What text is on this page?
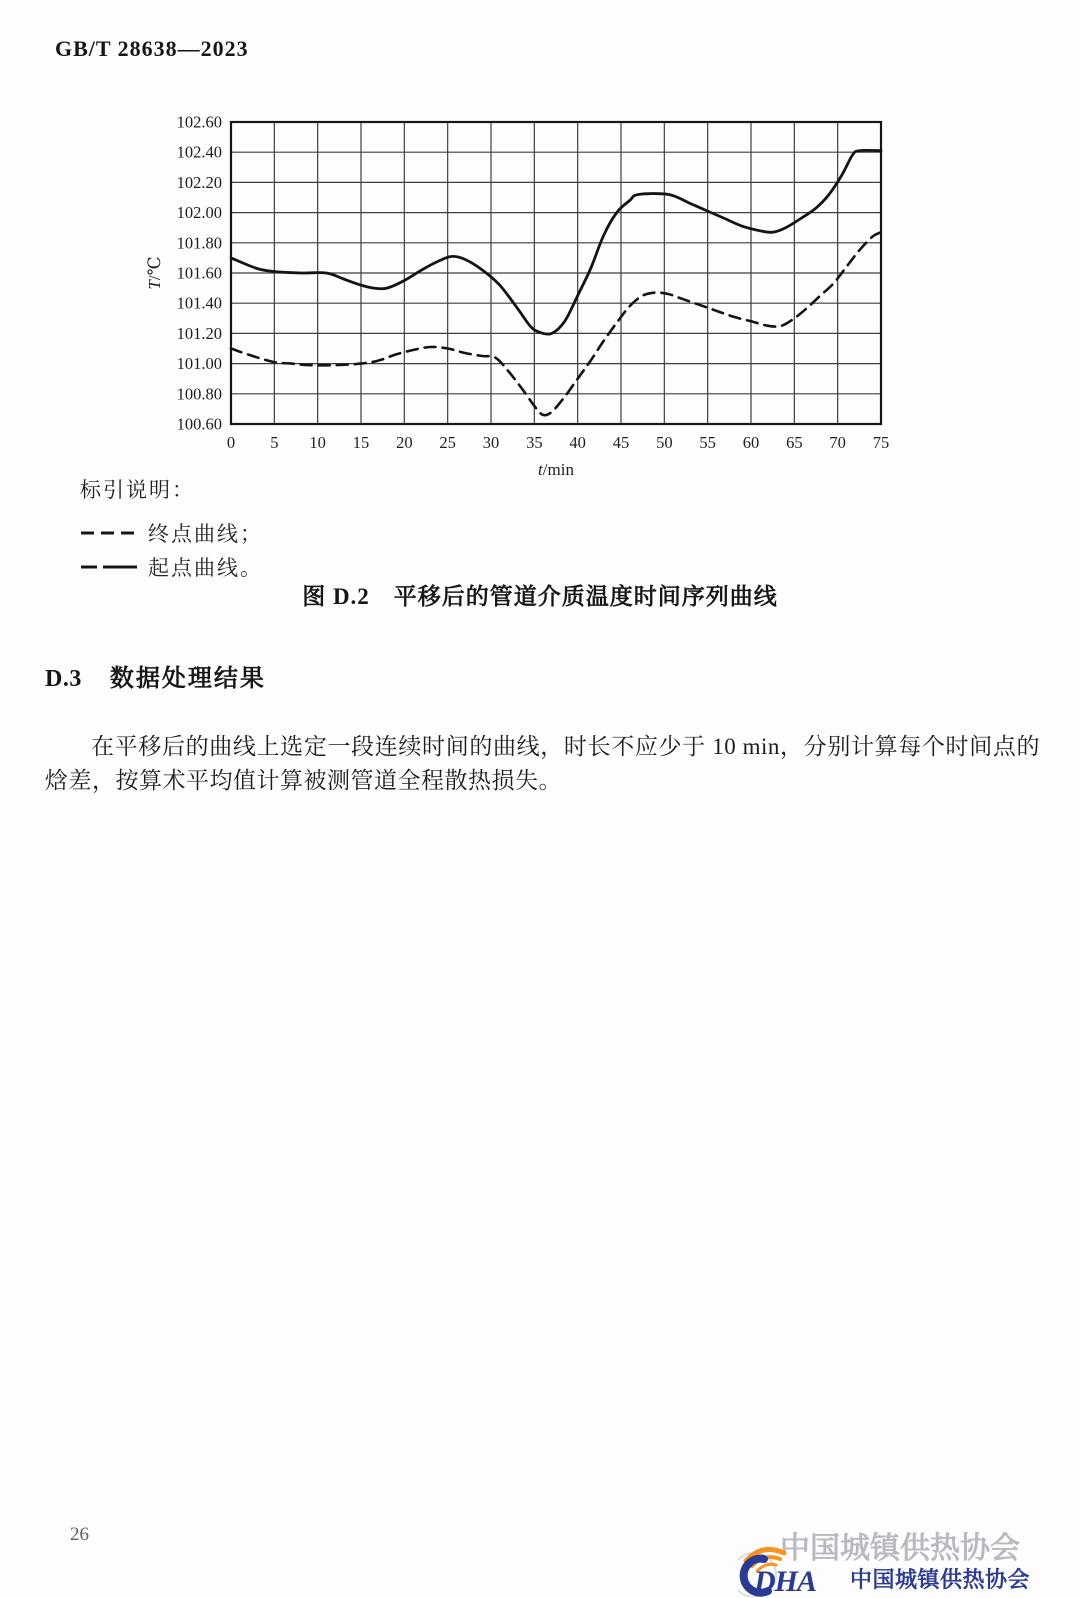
GB/T 28638—2023
100.60
100.80
101.00
101.20
101.40
101.60
101.80
102.00
102.20
102.40
102.60
0 5 10 15 20 25 30 35 40 45 50 55 60 65 70 75
t/min
T/℃
标引说明：
终点曲线；
起点曲线。
图 D.2　平移后的管道介质温度时间序列曲线
D.3 数据处理结果
在平移后的曲线上选定一段连续时间的曲线，时长不应少于 10 min，分别计算每个时间点的焓差，按算术平均值计算被测管道全程散热损失。
26	中国城镇供热协会
DHA 中国城镇供热协会
